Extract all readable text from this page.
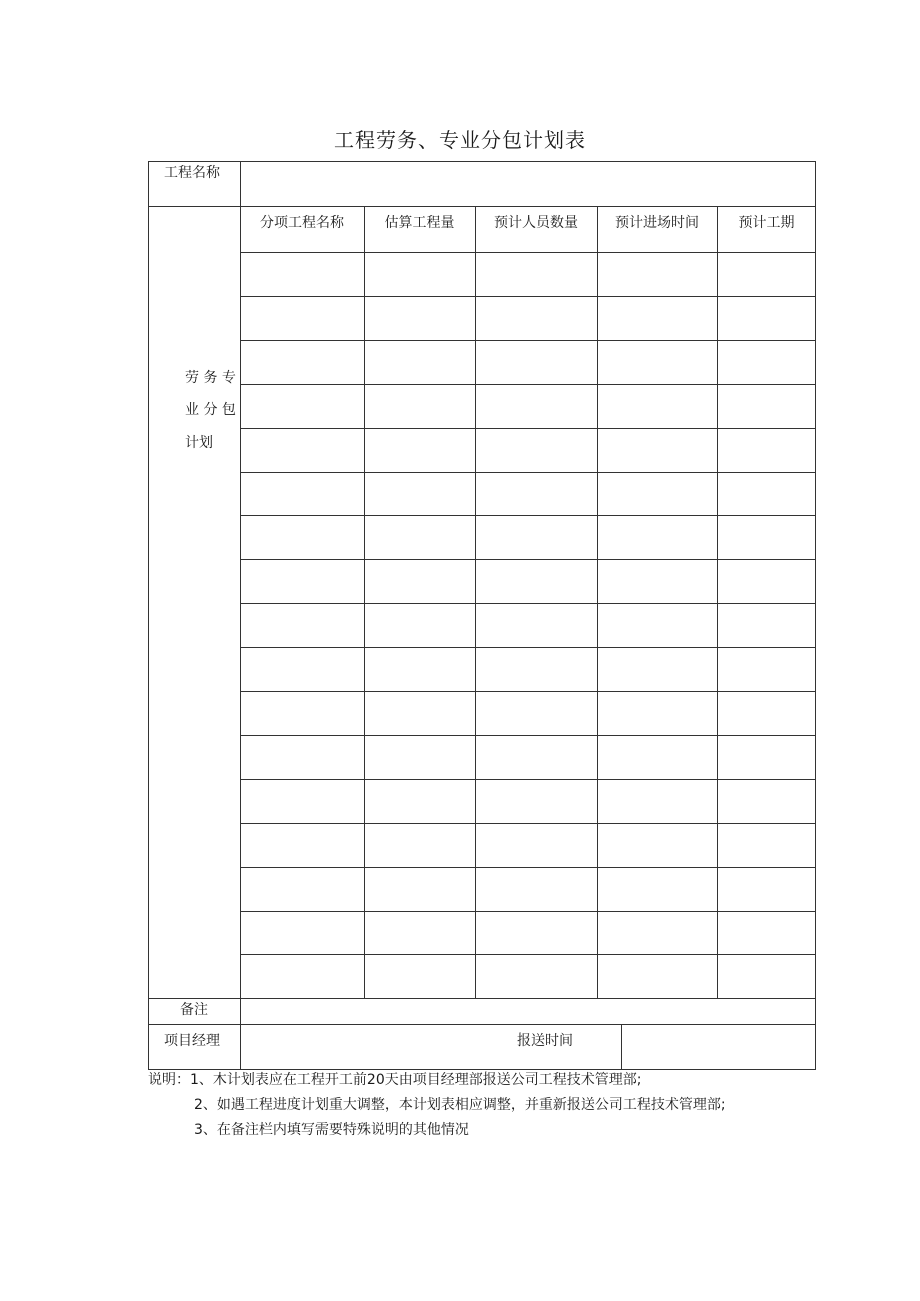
工程劳务、专业分包计划表
工程名称
劳 务 专
业 分 包
计划
分项工程名称	估算工程量	预计人员数量	预计进场时间	预计工期
备注
项目经理	报送时间
说明：1、木计划表应在工程开工前20天由项目经理部报送公司工程技术管理部;
2、如遇工程进度计划重大调整，本计划表相应调整，并重新报送公司工程技术管理部;
3、在备注栏内填写需要特殊说明的其他情况
